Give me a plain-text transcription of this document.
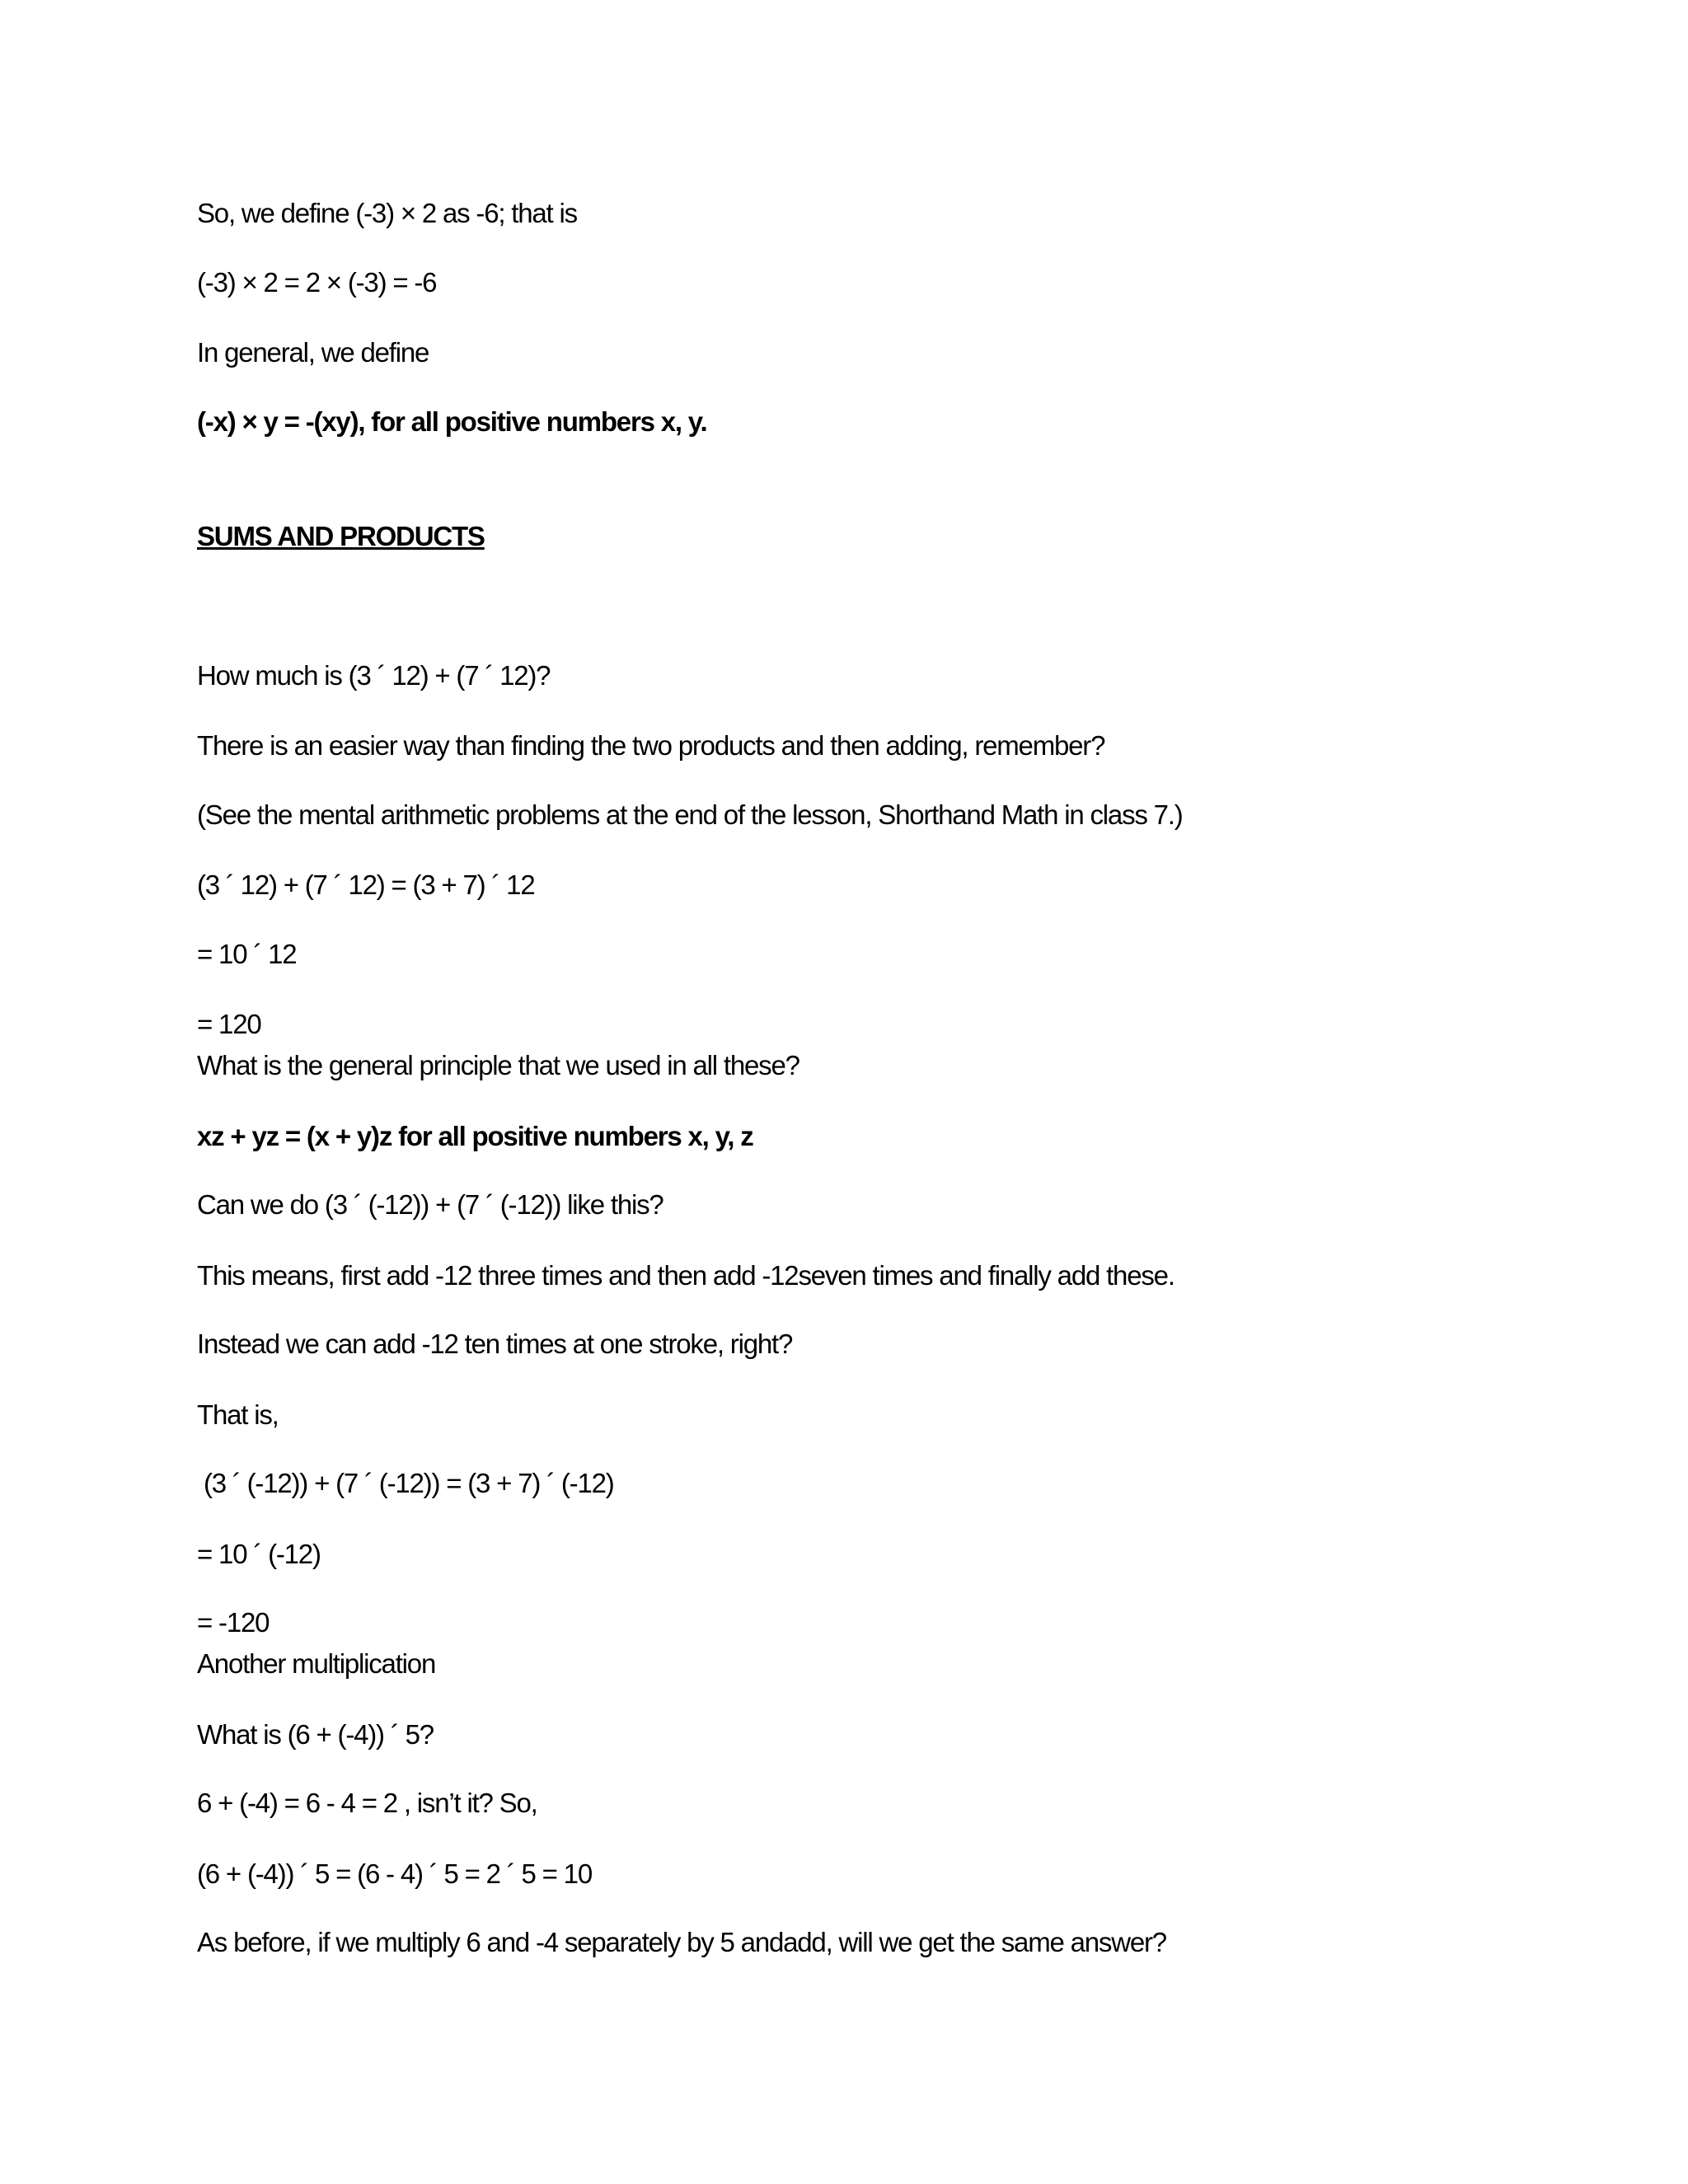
So, we define (-3) × 2 as -6; that is
(-3) × 2 = 2 × (-3) = -6
In general, we define
(-x) × y = -(xy), for all positive numbers x, y.
SUMS AND PRODUCTS
How much is (3 ´ 12) + (7 ´ 12)?
There is an easier way than finding the two products and then adding, remember?
(See the mental arithmetic problems at the end of the lesson, Shorthand Math in class 7.)
(3 ´ 12) + (7 ´ 12) = (3 + 7) ´ 12
= 10 ´ 12
= 120
What is the general principle that we used in all these?
xz + yz = (x + y)z for all positive numbers x, y, z
Can we do (3 ´ (-12)) + (7 ´ (-12)) like this?
This means, first add -12 three times and then add -12seven times and finally add these.
Instead we can add -12 ten times at one stroke, right?
That is,
(3 ´ (-12)) + (7 ´ (-12)) = (3 + 7) ´ (-12)
= 10 ´ (-12)
= -120
Another multiplication
What is (6 + (-4)) ´ 5?
6 + (-4) = 6 - 4 = 2 , isn’t it? So,
(6 + (-4)) ´ 5 = (6 - 4) ´ 5 = 2 ´ 5 = 10
As before, if we multiply 6 and -4 separately by 5 andadd, will we get the same answer?
